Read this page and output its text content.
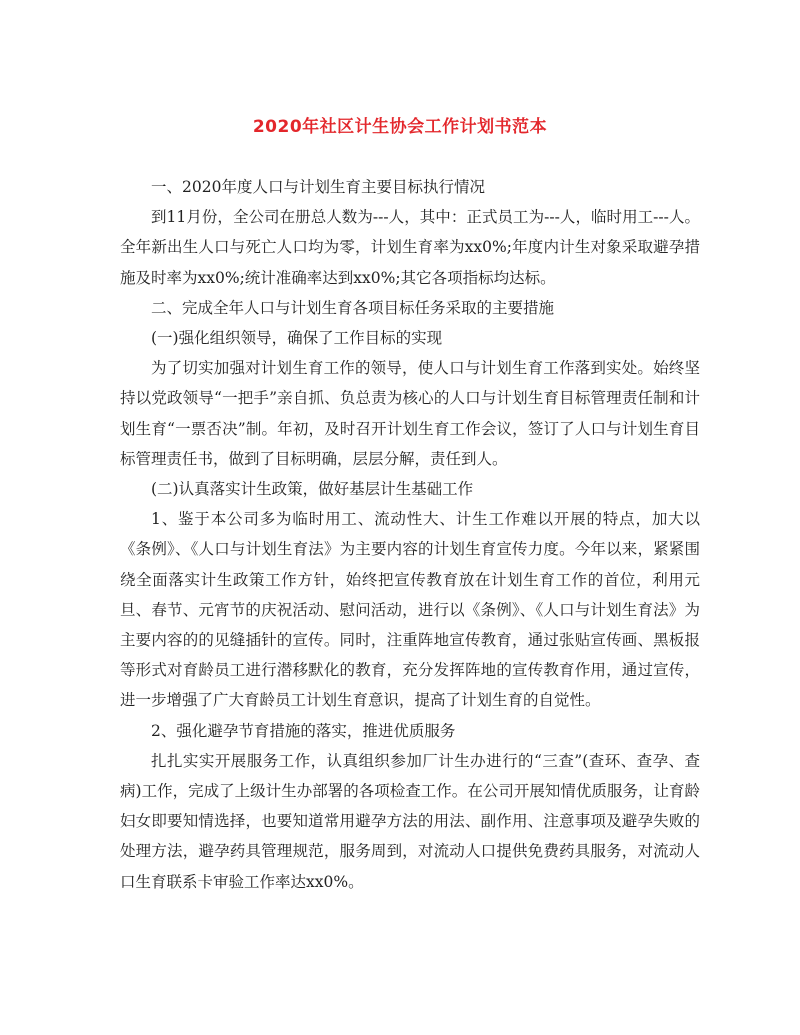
2020年社区计生协会工作计划书范本

一、2020年度人口与计划生育主要目标执行情况

到11月份，全公司在册总人数为---人，其中：正式员工为---人，临时用工---人。全年新出生人口与死亡人口均为零，计划生育率为xx0%;年度内计生对象采取避孕措施及时率为xx0%;统计准确率达到xx0%;其它各项指标均达标。

二、完成全年人口与计划生育各项目标任务采取的主要措施

(一)强化组织领导，确保了工作目标的实现

为了切实加强对计划生育工作的领导，使人口与计划生育工作落到实处。始终坚持以党政领导“一把手”亲自抓、负总责为核心的人口与计划生育目标管理责任制和计划生育“一票否决”制。年初，及时召开计划生育工作会议，签订了人口与计划生育目标管理责任书，做到了目标明确，层层分解，责任到人。

(二)认真落实计生政策，做好基层计生基础工作

1、鉴于本公司多为临时用工、流动性大、计生工作难以开展的特点，加大以《条例》、《人口与计划生育法》为主要内容的计划生育宣传力度。今年以来，紧紧围绕全面落实计生政策工作方针，始终把宣传教育放在计划生育工作的首位，利用元旦、春节、元宵节的庆祝活动、慰问活动，进行以《条例》、《人口与计划生育法》为主要内容的的见缝插针的宣传。同时，注重阵地宣传教育，通过张贴宣传画、黑板报等形式对育龄员工进行潜移默化的教育，充分发挥阵地的宣传教育作用，通过宣传，进一步增强了广大育龄员工计划生育意识，提高了计划生育的自觉性。

2、强化避孕节育措施的落实，推进优质服务

扎扎实实开展服务工作，认真组织参加厂计生办进行的“三查”(查环、查孕、查病)工作，完成了上级计生办部署的各项检查工作。在公司开展知情优质服务，让育龄妇女即要知情选择，也要知道常用避孕方法的用法、副作用、注意事项及避孕失败的处理方法，避孕药具管理规范，服务周到，对流动人口提供免费药具服务，对流动人口生育联系卡审验工作率达xx0%。
